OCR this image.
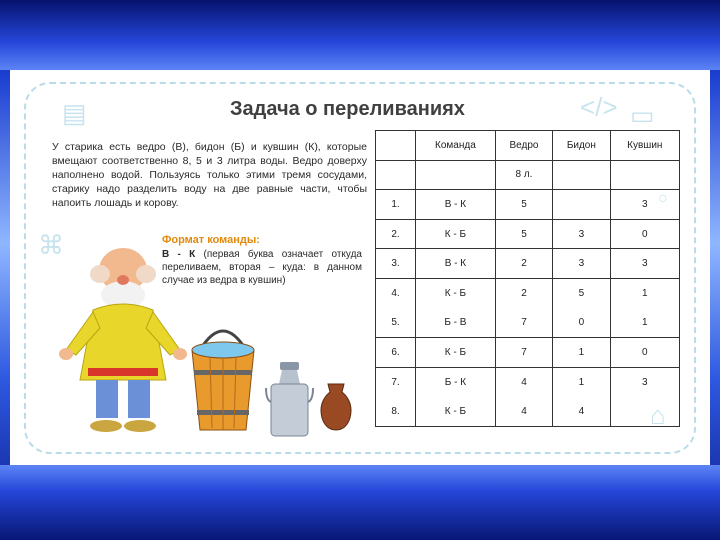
▤	</> ▭
⌘
○
⌂
Задача о переливаниях
У старика есть ведро (В), бидон (Б) и кувшин (К), которые вмещают соответственно 8, 5 и 3 литра воды. Ведро доверху наполнено водой. Пользуясь только этими тремя сосудами, старику надо разделить воду на две равные части, чтобы напоить лошадь и корову.
Формат команды:
В - К (первая буква означает откуда переливаем, вторая – куда: в данном случае из ведра в кувшин)
	Команда	Ведро	Бидон	Кувшин
		8 л.		
1.	В - К	5		3
2.	К - Б	5	3	0
3.	В - К	2	3	3
4.	К - Б	2	5	1
5.	Б - В	7	0	1
6.	К - Б	7	1	0
7.	Б - К	4	1	3
8.	К - Б	4	4	
